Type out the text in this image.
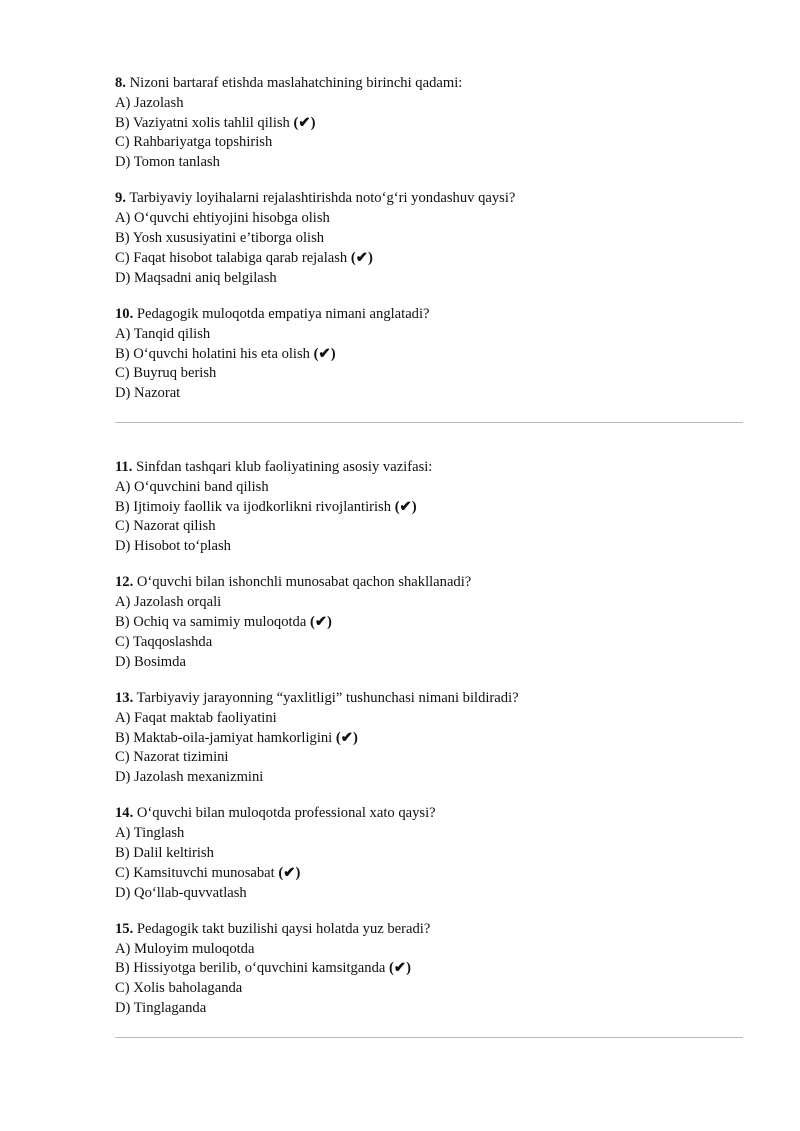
8. Nizoni bartaraf etishda maslahatchining birinchi qadami:
A) Jazolash
B) Vaziyatni xolis tahlil qilish (✔)
C) Rahbariyatga topshirish
D) Tomon tanlash
9. Tarbiyaviy loyihalarni rejalashtirishda noto‘g‘ri yondashuv qaysi?
A) O‘quvchi ehtiyojini hisobga olish
B) Yosh xususiyatini e’tiborga olish
C) Faqat hisobot talabiga qarab rejalash (✔)
D) Maqsadni aniq belgilash
10. Pedagogik muloqotda empatiya nimani anglatadi?
A) Tanqid qilish
B) O‘quvchi holatini his eta olish (✔)
C) Buyruq berish
D) Nazorat
11. Sinfdan tashqari klub faoliyatining asosiy vazifasi:
A) O‘quvchini band qilish
B) Ijtimoiy faollik va ijodkorlikni rivojlantirish (✔)
C) Nazorat qilish
D) Hisobot to‘plash
12. O‘quvchi bilan ishonchli munosabat qachon shakllanadi?
A) Jazolash orqali
B) Ochiq va samimiy muloqotda (✔)
C) Taqqoslashda
D) Bosimda
13. Tarbiyaviy jarayonning “yaxlitligi” tushunchasi nimani bildiradi?
A) Faqat maktab faoliyatini
B) Maktab-oila-jamiyat hamkorligini (✔)
C) Nazorat tizimini
D) Jazolash mexanizmini
14. O‘quvchi bilan muloqotda professional xato qaysi?
A) Tinglash
B) Dalil keltirish
C) Kamsituvchi munosabat (✔)
D) Qo‘llab-quvvatlash
15. Pedagogik takt buzilishi qaysi holatda yuz beradi?
A) Muloyim muloqotda
B) Hissiyotga berilib, o‘quvchini kamsitganda (✔)
C) Xolis baholaganda
D) Tinglaganda
